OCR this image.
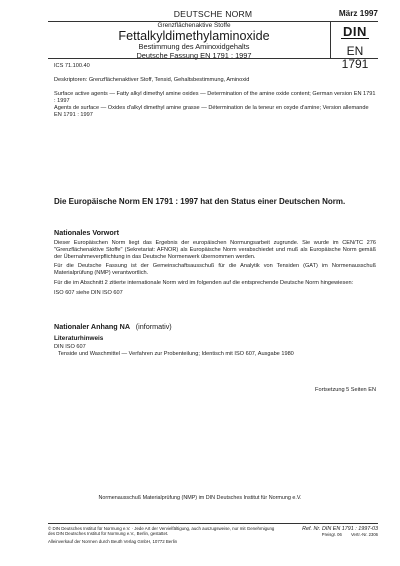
DEUTSCHE NORM	März 1997
Grenzflächenaktive Stoffe
Fettalkyldimethylaminoxide
Bestimmung des Aminoxidgehalts
Deutsche Fassung EN 1791 : 1997
DIN
EN 1791
ICS 71.100.40
Deskriptoren: Grenzflächenaktiver Stoff, Tensid, Gehaltsbestimmung, Aminoxid
Surface active agents — Fatty alkyl dimethyl amine oxides — Determination of the amine oxide content; German version EN 1791 : 1997
Agents de surface — Oxides d'alkyl dimethyl amine grasse — Détermination de la teneur en oxyde d'amine; Version allemande EN 1791 : 1997
Die Europäische Norm EN 1791 : 1997 hat den Status einer Deutschen Norm.
Nationales Vorwort

Dieser Europäischen Norm liegt das Ergebnis der europäischen Normungsarbeit zugrunde. Sie wurde im CEN/TC 276 "Grenzflächenaktive Stoffe" (Sekretariat: AFNOR) als Europäische Norm verabschiedet und muß als Europäische Norm gemäß der Übernahmeverpflichtung in das Deutsche Normenwerk übernommen werden.

Für die Deutsche Fassung ist der Gemeinschaftsausschuß für die Analytik von Tensiden (GAT) im Normenausschuß Materialprüfung (NMP) verantwortlich.

Für die im Abschnitt 2 zitierte internationale Norm wird im folgenden auf die entsprechende Deutsche Norm hingewiesen:

ISO 607 siehe DIN ISO 607

Nationaler Anhang NA (informativ)
Literaturhinweis

DIN ISO 607

Tenside und Waschmittel — Verfahren zur Probenteilung; Identisch mit ISO 607, Ausgabe 1980

Fortsetzung 5 Seiten EN
Normenausschuß Materialprüfung (NMP) im DIN Deutsches Institut für Normung e.V.
© DIN Deutsches Institut für Normung e.V. · Jede Art der Vervielfältigung, auch auszugsweise, nur mit Genehmigung des DIN Deutsches Institut für Normung e.V., Berlin, gestattet.
Alleinverkauf der Normen durch Beuth Verlag GmbH, 10772 Berlin
Ref. Nr. DIN EN 1791 : 1997-03
Preisgr. 06 Vertr.-Nr. 2306
